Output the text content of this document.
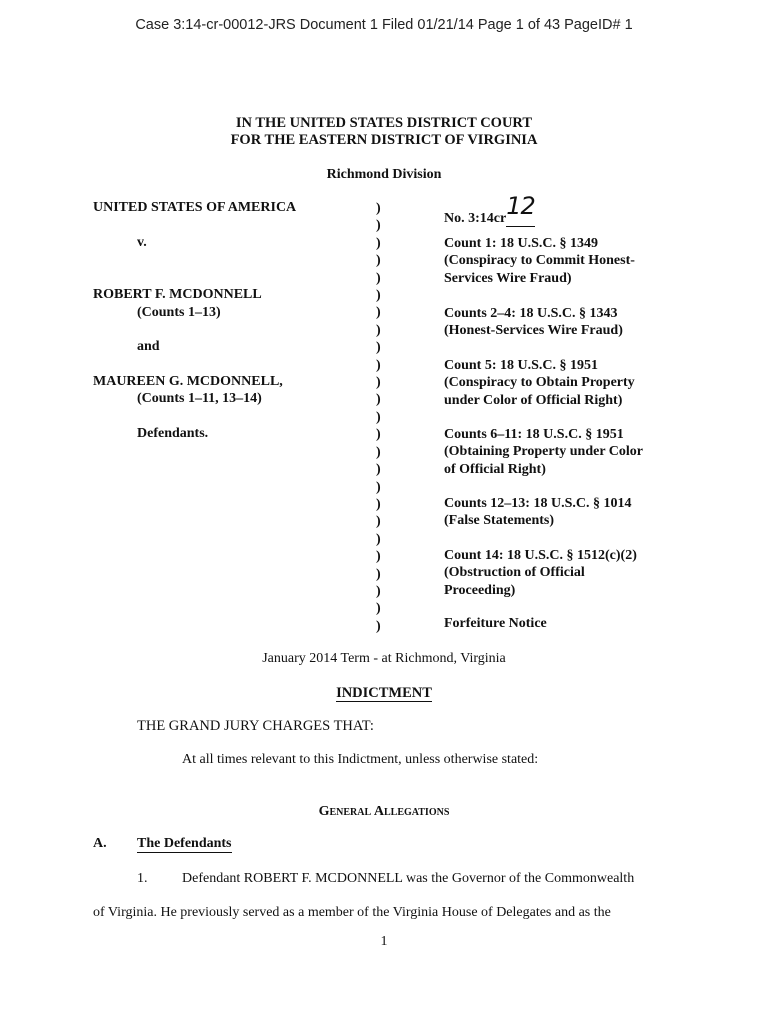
Case 3:14-cr-00012-JRS Document 1 Filed 01/21/14 Page 1 of 43 PageID# 1
IN THE UNITED STATES DISTRICT COURT
FOR THE EASTERN DISTRICT OF VIRGINIA
Richmond Division
UNITED STATES OF AMERICA
v.
ROBERT F. MCDONNELL
(Counts 1–13)
and
MAUREEN G. MCDONNELL,
(Counts 1–11, 13–14)
Defendants.
)
)
)
)
)
)
)
)
)
)
)
)
)
)
)
)
)
)
)
)
)
)
)
)
)
No. 3:14cr12
Count 1: 18 U.S.C. § 1349
(Conspiracy to Commit Honest-
Services Wire Fraud)
Counts 2–4: 18 U.S.C. § 1343
(Honest-Services Wire Fraud)
Count 5: 18 U.S.C. § 1951
(Conspiracy to Obtain Property
under Color of Official Right)
Counts 6–11: 18 U.S.C. § 1951
(Obtaining Property under Color
of Official Right)
Counts 12–13: 18 U.S.C. § 1014
(False Statements)
Count 14: 18 U.S.C. § 1512(c)(2)
(Obstruction of Official
Proceeding)
Forfeiture Notice
January 2014 Term - at Richmond, Virginia
INDICTMENT
THE GRAND JURY CHARGES THAT:
At all times relevant to this Indictment, unless otherwise stated:
General Allegations
A. The Defendants
1. Defendant ROBERT F. MCDONNELL was the Governor of the Commonwealth
of Virginia. He previously served as a member of the Virginia House of Delegates and as the
1
